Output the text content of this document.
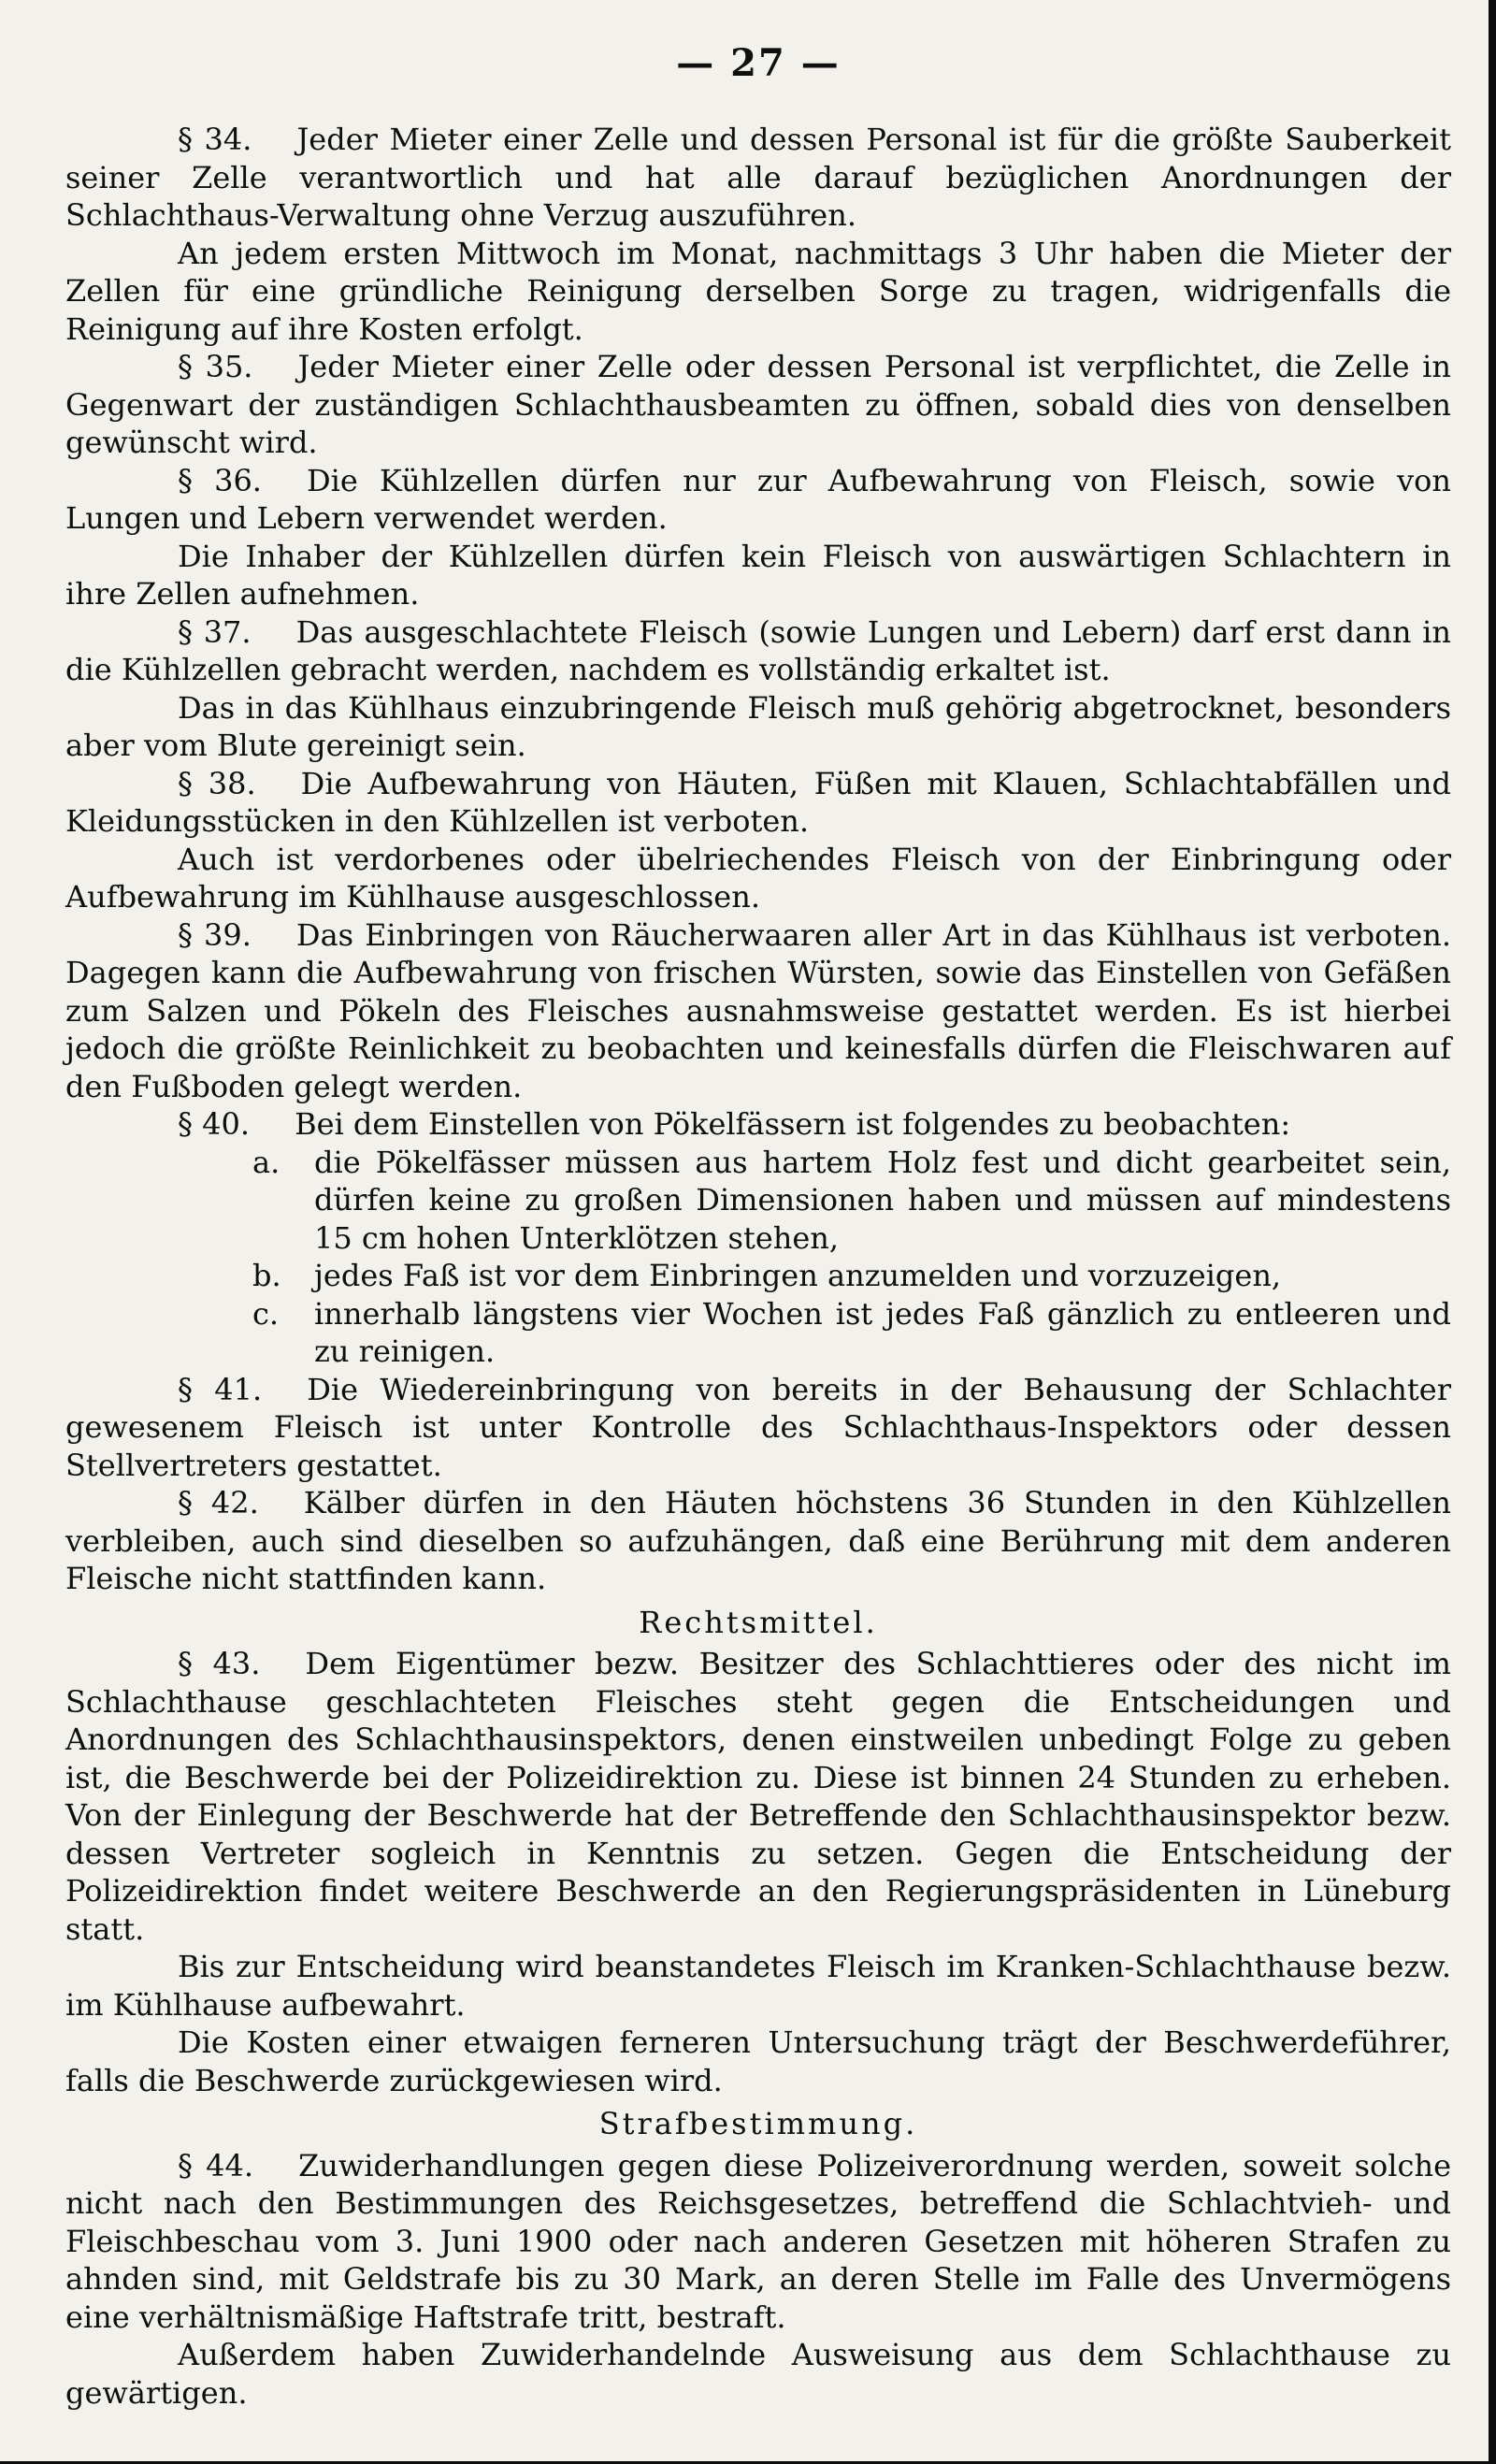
— 27 —

§ 34.   Jeder Mieter einer Zelle und dessen Personal ist für die größte Sauberkeit seiner Zelle verantwortlich und hat alle darauf bezüglichen Anordnungen der Schlachthaus-Verwaltung ohne Verzug auszuführen.

An jedem ersten Mittwoch im Monat, nachmittags 3 Uhr haben die Mieter der Zellen für eine gründliche Reinigung derselben Sorge zu tragen, widrigenfalls die Reinigung auf ihre Kosten erfolgt.

§ 35.   Jeder Mieter einer Zelle oder dessen Personal ist verpflichtet, die Zelle in Gegenwart der zuständigen Schlachthausbeamten zu öffnen, sobald dies von denselben gewünscht wird.

§ 36.   Die Kühlzellen dürfen nur zur Aufbewahrung von Fleisch, sowie von Lungen und Lebern verwendet werden.

Die Inhaber der Kühlzellen dürfen kein Fleisch von auswärtigen Schlachtern in ihre Zellen aufnehmen.

§ 37.   Das ausgeschlachtete Fleisch (sowie Lungen und Lebern) darf erst dann in die Kühlzellen gebracht werden, nachdem es vollständig erkaltet ist.

Das in das Kühlhaus einzubringende Fleisch muß gehörig abgetrocknet, besonders aber vom Blute gereinigt sein.

§ 38.   Die Aufbewahrung von Häuten, Füßen mit Klauen, Schlachtabfällen und Kleidungsstücken in den Kühlzellen ist verboten.

Auch ist verdorbenes oder übelriechendes Fleisch von der Einbringung oder Aufbewahrung im Kühlhause ausgeschlossen.

§ 39.   Das Einbringen von Räucherwaaren aller Art in das Kühlhaus ist verboten. Dagegen kann die Aufbewahrung von frischen Würsten, sowie das Einstellen von Gefäßen zum Salzen und Pökeln des Fleisches ausnahmsweise gestattet werden. Es ist hierbei jedoch die größte Reinlichkeit zu beobachten und keinesfalls dürfen die Fleischwaren auf den Fußboden gelegt werden.

§ 40.   Bei dem Einstellen von Pökelfässern ist folgendes zu beobachten:

a. die Pökelfässer müssen aus hartem Holz fest und dicht gearbeitet sein, dürfen keine zu großen Dimensionen haben und müssen auf mindestens 15 cm hohen Unterklötzen stehen,
b. jedes Faß ist vor dem Einbringen anzumelden und vorzuzeigen,
c. innerhalb längstens vier Wochen ist jedes Faß gänzlich zu entleeren und zu reinigen.

§ 41.   Die Wiedereinbringung von bereits in der Behausung der Schlachter gewesenem Fleisch ist unter Kontrolle des Schlachthaus-Inspektors oder dessen Stellvertreters gestattet.

§ 42.   Kälber dürfen in den Häuten höchstens 36 Stunden in den Kühlzellen verbleiben, auch sind dieselben so aufzuhängen, daß eine Berührung mit dem anderen Fleische nicht stattfinden kann.

Rechtsmittel.

§ 43.   Dem Eigentümer bezw. Besitzer des Schlachttieres oder des nicht im Schlachthause geschlachteten Fleisches steht gegen die Entscheidungen und Anordnungen des Schlachthausinspektors, denen einstweilen unbedingt Folge zu geben ist, die Beschwerde bei der Polizeidirektion zu. Diese ist binnen 24 Stunden zu erheben. Von der Einlegung der Beschwerde hat der Betreffende den Schlachthausinspektor bezw. dessen Vertreter sogleich in Kenntnis zu setzen. Gegen die Entscheidung der Polizeidirektion findet weitere Beschwerde an den Regierungspräsidenten in Lüneburg statt.

Bis zur Entscheidung wird beanstandetes Fleisch im Kranken-Schlachthause bezw. im Kühlhause aufbewahrt.

Die Kosten einer etwaigen ferneren Untersuchung trägt der Beschwerdeführer, falls die Beschwerde zurückgewiesen wird.

Strafbestimmung.

§ 44.   Zuwiderhandlungen gegen diese Polizeiverordnung werden, soweit solche nicht nach den Bestimmungen des Reichsgesetzes, betreffend die Schlachtvieh- und Fleischbeschau vom 3. Juni 1900 oder nach anderen Gesetzen mit höheren Strafen zu ahnden sind, mit Geldstrafe bis zu 30 Mark, an deren Stelle im Falle des Unvermögens eine verhältnismäßige Haftstrafe tritt, bestraft.

Außerdem haben Zuwiderhandelnde Ausweisung aus dem Schlachthause zu gewärtigen.
